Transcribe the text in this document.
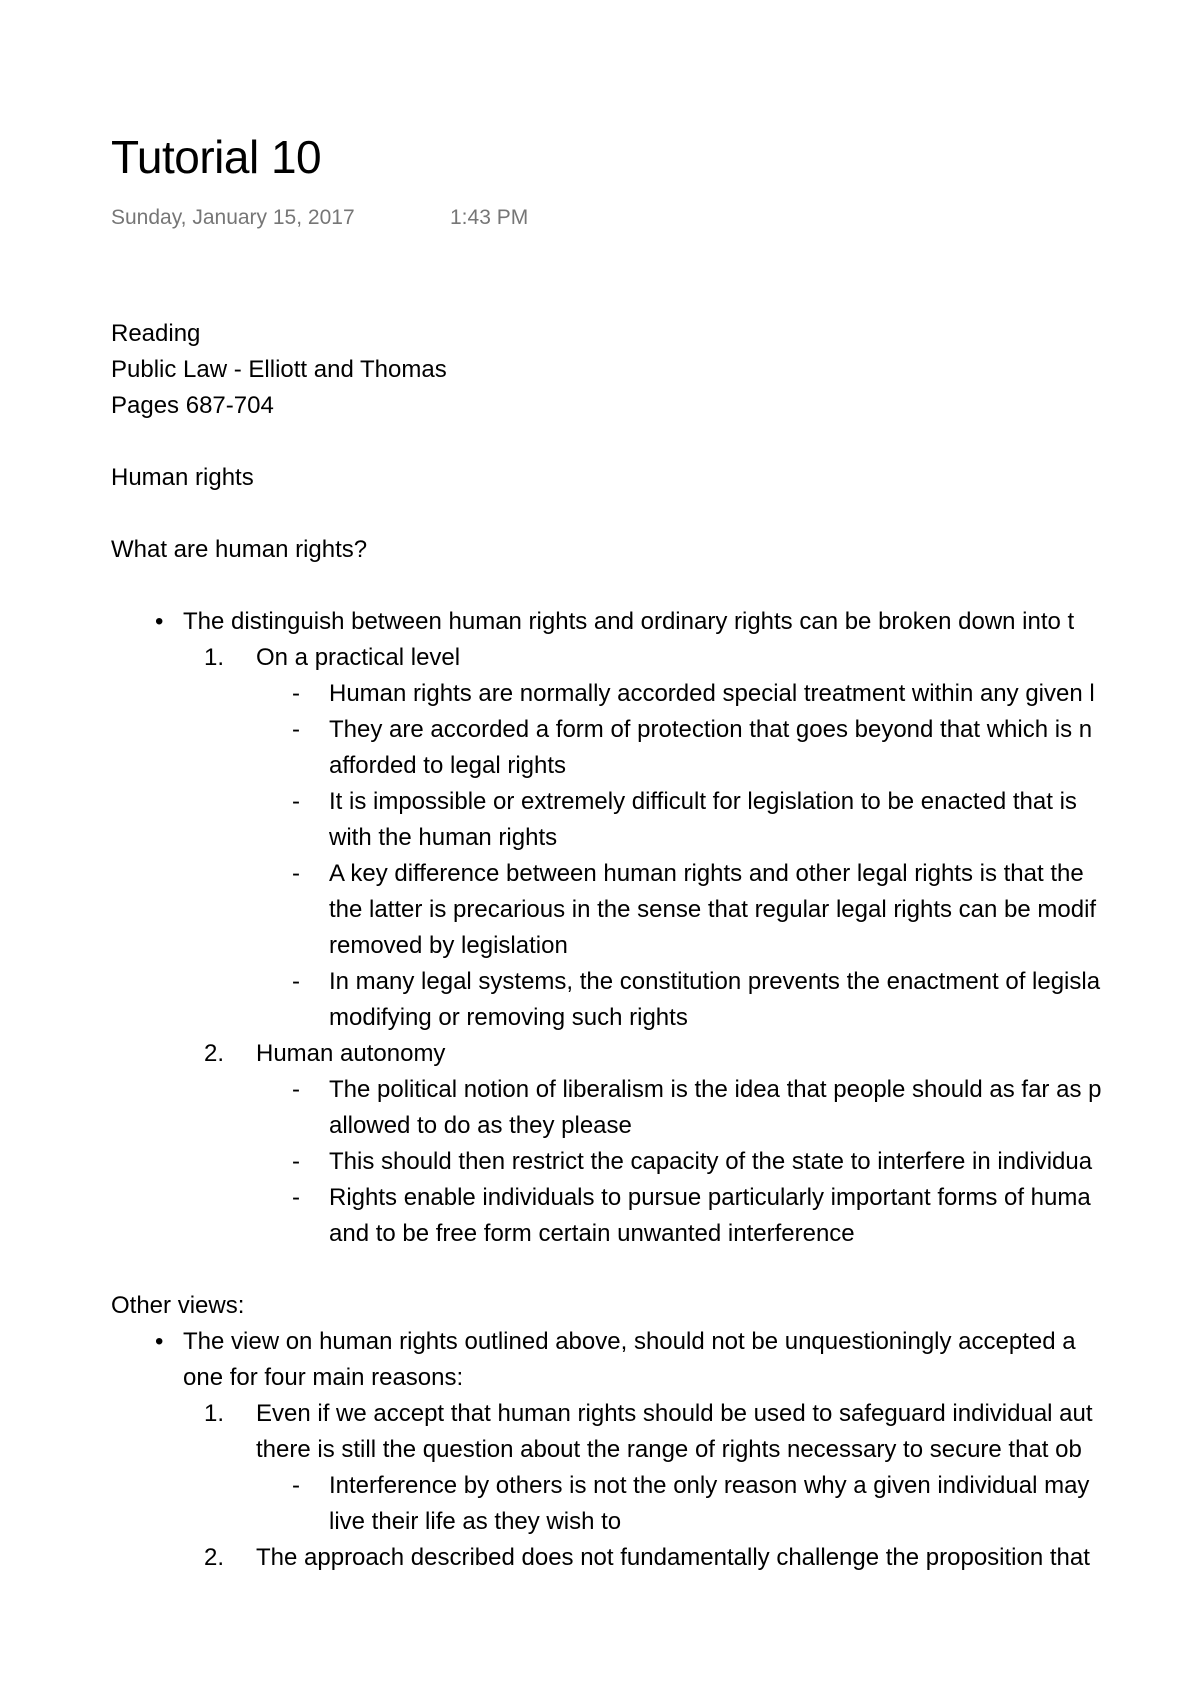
Tutorial 10
Sunday, January 15, 2017	1:43 PM
Reading
Public Law - Elliott and Thomas
Pages 687-704
Human rights
What are human rights?
• The distinguish between human rights and ordinary rights can be broken down into t
1. On a practical level
- Human rights are normally accorded special treatment within any given l
- They are accorded a form of protection that goes beyond that which is n
afforded to legal rights
- It is impossible or extremely difficult for legislation to be enacted that is
with the human rights
- A key difference between human rights and other legal rights is that the
the latter is precarious in the sense that regular legal rights can be modif
removed by legislation
- In many legal systems, the constitution prevents the enactment of legisla
modifying or removing such rights
2. Human autonomy
- The political notion of liberalism is the idea that people should as far as p
allowed to do as they please
- This should then restrict the capacity of the state to interfere in individua
- Rights enable individuals to pursue particularly important forms of huma
and to be free form certain unwanted interference
Other views:
• The view on human rights outlined above, should not be unquestioningly accepted a
one for four main reasons:
1. Even if we accept that human rights should be used to safeguard individual aut
there is still the question about the range of rights necessary to secure that ob
- Interference by others is not the only reason why a given individual may
live their life as they wish to
2. The approach described does not fundamentally challenge the proposition that
